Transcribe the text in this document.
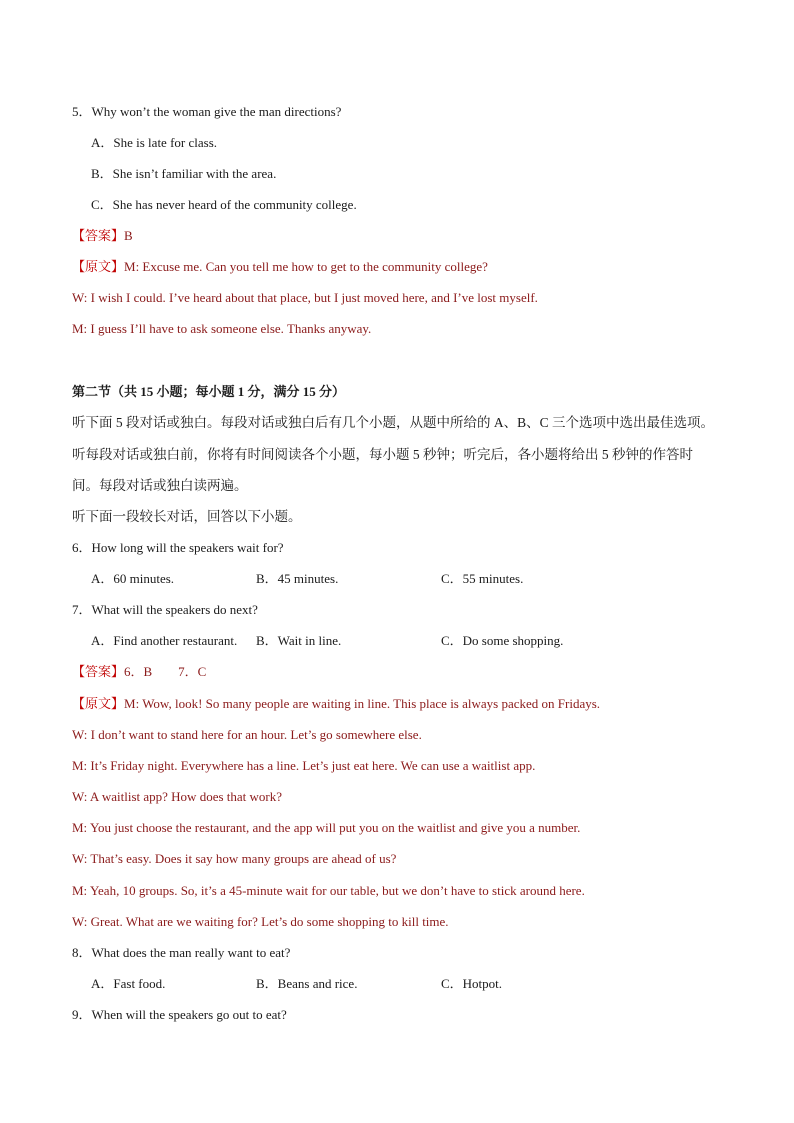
5．Why won’t the woman give the man directions?
A．She is late for class.
B．She isn’t familiar with the area.
C．She has never heard of the community college.
【答案】B
【原文】M: Excuse me. Can you tell me how to get to the community college?
W: I wish I could. I’ve heard about that place, but I just moved here, and I’ve lost myself.
M: I guess I’ll have to ask someone else. Thanks anyway.
第二节（共 15 小题；每小题 1 分，满分 15 分）
听下面 5 段对话或独白。每段对话或独白后有几个小题，从题中所给的 A、B、C 三个选项中选出最佳选项。
听每段对话或独白前，你将有时间阅读各个小题，每小题 5 秒钟；听完后，各小题将给出 5 秒钟的作答时
间。每段对话或独白读两遍。
听下面一段较长对话，回答以下小题。
6．How long will the speakers wait for?
A．60 minutes.	B．45 minutes.	C．55 minutes.
7．What will the speakers do next?
A．Find another restaurant. B．Wait in line.	C．Do some shopping.
【答案】6．B　　7．C
【原文】M: Wow, look! So many people are waiting in line. This place is always packed on Fridays.
W: I don’t want to stand here for an hour. Let’s go somewhere else.
M: It’s Friday night. Everywhere has a line. Let’s just eat here. We can use a waitlist app.
W: A waitlist app? How does that work?
M: You just choose the restaurant, and the app will put you on the waitlist and give you a number.
W: That’s easy. Does it say how many groups are ahead of us?
M: Yeah, 10 groups. So, it’s a 45-minute wait for our table, but we don’t have to stick around here.
W: Great. What are we waiting for? Let’s do some shopping to kill time.
8．What does the man really want to eat?
A．Fast food.	B．Beans and rice.	C．Hotpot.
9．When will the speakers go out to eat?
